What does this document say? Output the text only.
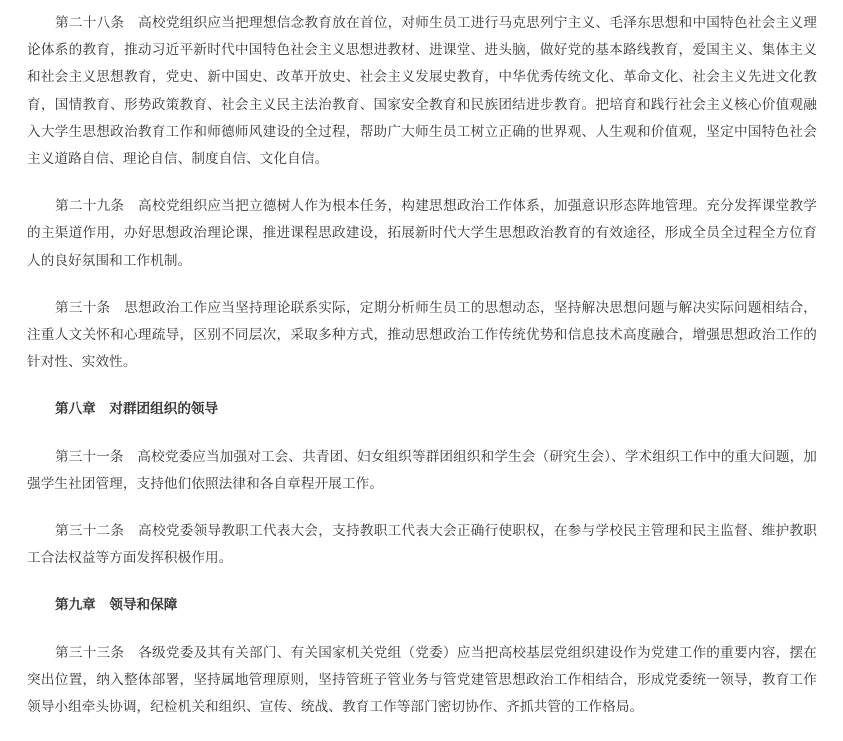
第二十八条　高校党组织应当把理想信念教育放在首位，对师生员工进行马克思列宁主义、毛泽东思想和中国特色社会主义理论体系的教育，推动习近平新时代中国特色社会主义思想进教材、进课堂、进头脑，做好党的基本路线教育，爱国主义、集体主义和社会主义思想教育，党史、新中国史、改革开放史、社会主义发展史教育，中华优秀传统文化、革命文化、社会主义先进文化教育，国情教育、形势政策教育、社会主义民主法治教育、国家安全教育和民族团结进步教育。把培育和践行社会主义核心价值观融入大学生思想政治教育工作和师德师风建设的全过程，帮助广大师生员工树立正确的世界观、人生观和价值观，坚定中国特色社会主义道路自信、理论自信、制度自信、文化自信。

第二十九条　高校党组织应当把立德树人作为根本任务，构建思想政治工作体系，加强意识形态阵地管理。充分发挥课堂教学的主渠道作用，办好思想政治理论课，推进课程思政建设，拓展新时代大学生思想政治教育的有效途径，形成全员全过程全方位育人的良好氛围和工作机制。

第三十条　思想政治工作应当坚持理论联系实际，定期分析师生员工的思想动态，坚持解决思想问题与解决实际问题相结合，注重人文关怀和心理疏导，区别不同层次，采取多种方式，推动思想政治工作传统优势和信息技术高度融合，增强思想政治工作的针对性、实效性。

第八章　对群团组织的领导

第三十一条　高校党委应当加强对工会、共青团、妇女组织等群团组织和学生会（研究生会）、学术组织工作中的重大问题，加强学生社团管理，支持他们依照法律和各自章程开展工作。

第三十二条　高校党委领导教职工代表大会，支持教职工代表大会正确行使职权，在参与学校民主管理和民主监督、维护教职工合法权益等方面发挥积极作用。

第九章　领导和保障

第三十三条　各级党委及其有关部门、有关国家机关党组（党委）应当把高校基层党组织建设作为党建工作的重要内容，摆在突出位置，纳入整体部署，坚持属地管理原则，坚持管班子管业务与管党建管思想政治工作相结合，形成党委统一领导，教育工作领导小组牵头协调，纪检机关和组织、宣传、统战、教育工作等部门密切协作、齐抓共管的工作格局。
